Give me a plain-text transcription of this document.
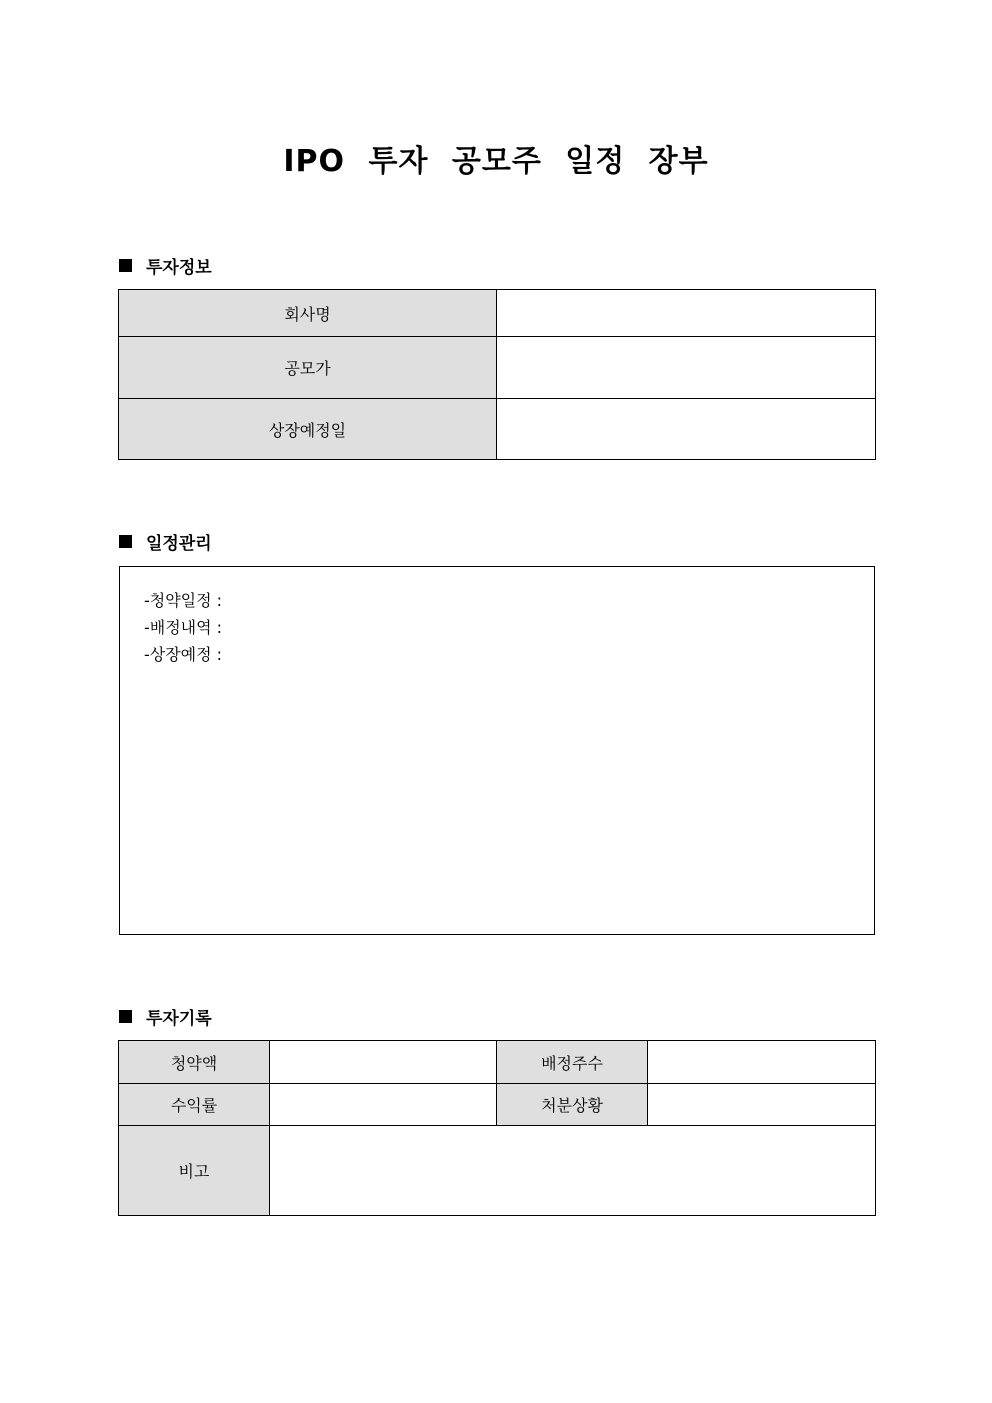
IPO 투자 공모주 일정 장부
투자정보
회사명	
공모가	
상장예정일	
일정관리
-청약일정 :
-배정내역 :
-상장예정 :
투자기록
청약액		배정주수	
수익률		처분상황	
비고			
